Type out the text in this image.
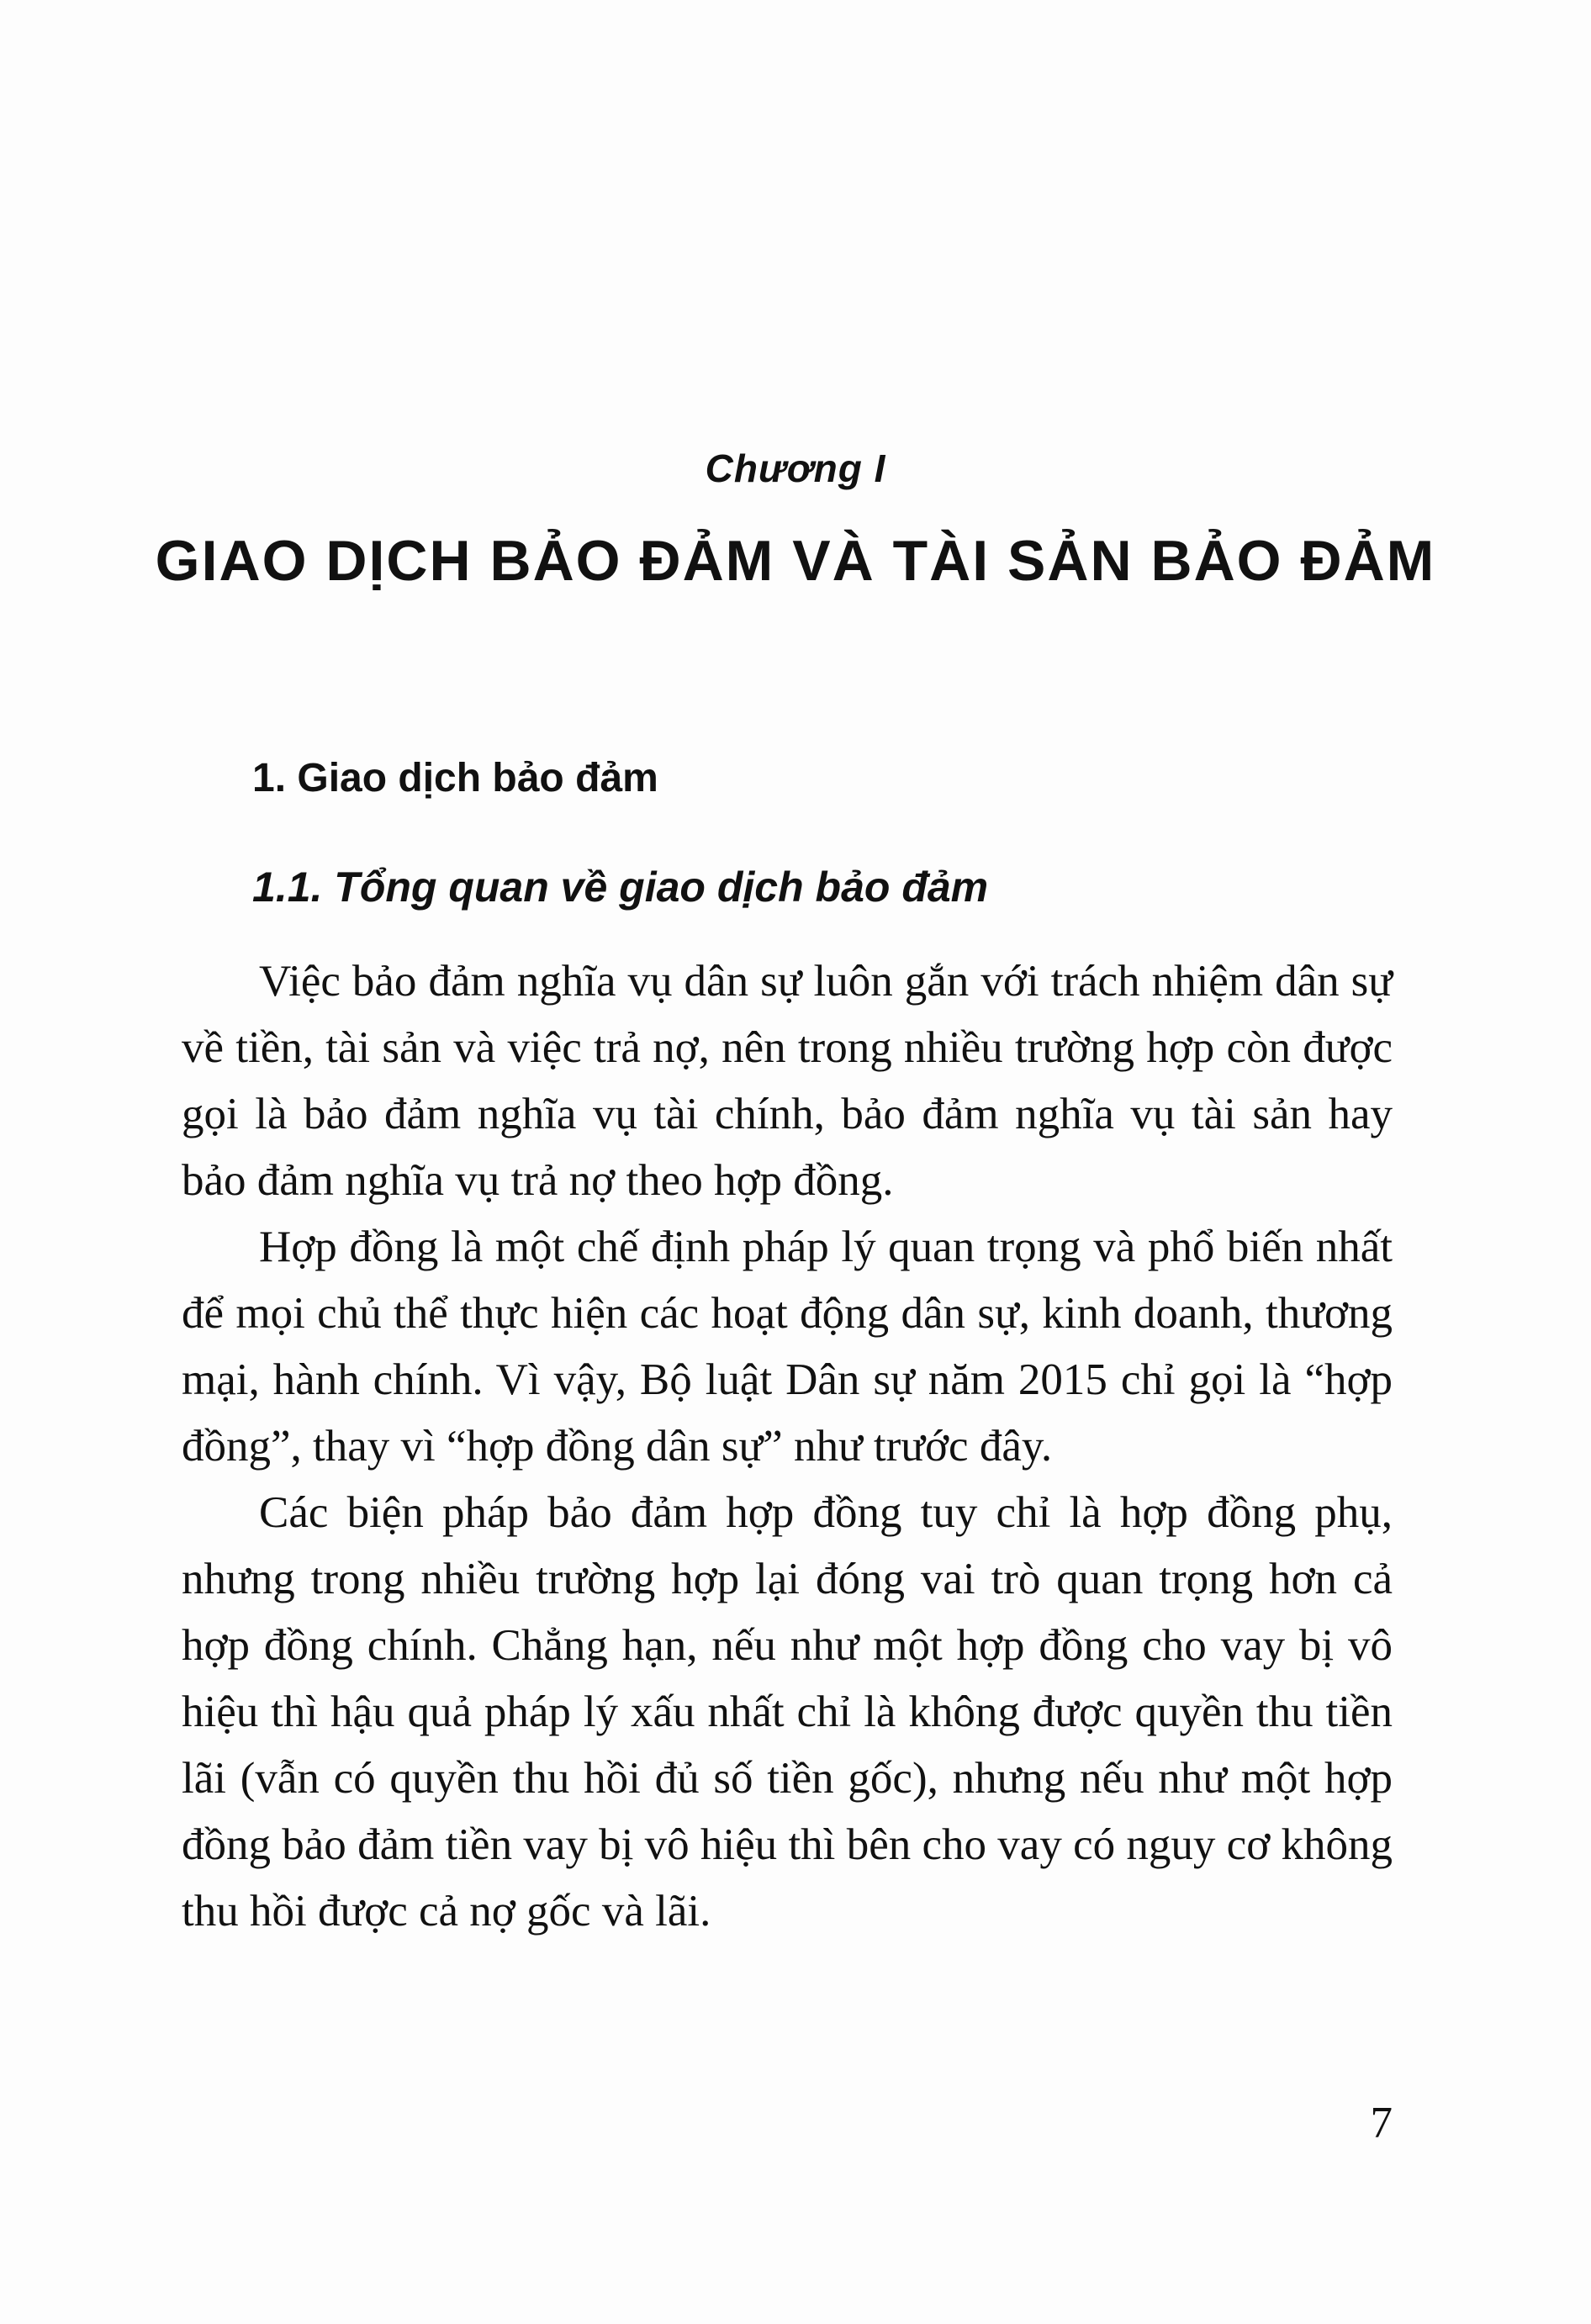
Chương I
GIAO DỊCH BẢO ĐẢM VÀ TÀI SẢN BẢO ĐẢM
1. Giao dịch bảo đảm
1.1. Tổng quan về giao dịch bảo đảm

Việc bảo đảm nghĩa vụ dân sự luôn gắn với trách nhiệm dân sự về tiền, tài sản và việc trả nợ, nên trong nhiều trường hợp còn được gọi là bảo đảm nghĩa vụ tài chính, bảo đảm nghĩa vụ tài sản hay bảo đảm nghĩa vụ trả nợ theo hợp đồng.

Hợp đồng là một chế định pháp lý quan trọng và phổ biến nhất để mọi chủ thể thực hiện các hoạt động dân sự, kinh doanh, thương mại, hành chính. Vì vậy, Bộ luật Dân sự năm 2015 chỉ gọi là “hợp đồng”, thay vì “hợp đồng dân sự” như trước đây.

Các biện pháp bảo đảm hợp đồng tuy chỉ là hợp đồng phụ, nhưng trong nhiều trường hợp lại đóng vai trò quan trọng hơn cả hợp đồng chính. Chẳng hạn, nếu như một hợp đồng cho vay bị vô hiệu thì hậu quả pháp lý xấu nhất chỉ là không được quyền thu tiền lãi (vẫn có quyền thu hồi đủ số tiền gốc), nhưng nếu như một hợp đồng bảo đảm tiền vay bị vô hiệu thì bên cho vay có nguy cơ không thu hồi được cả nợ gốc và lãi.

7
